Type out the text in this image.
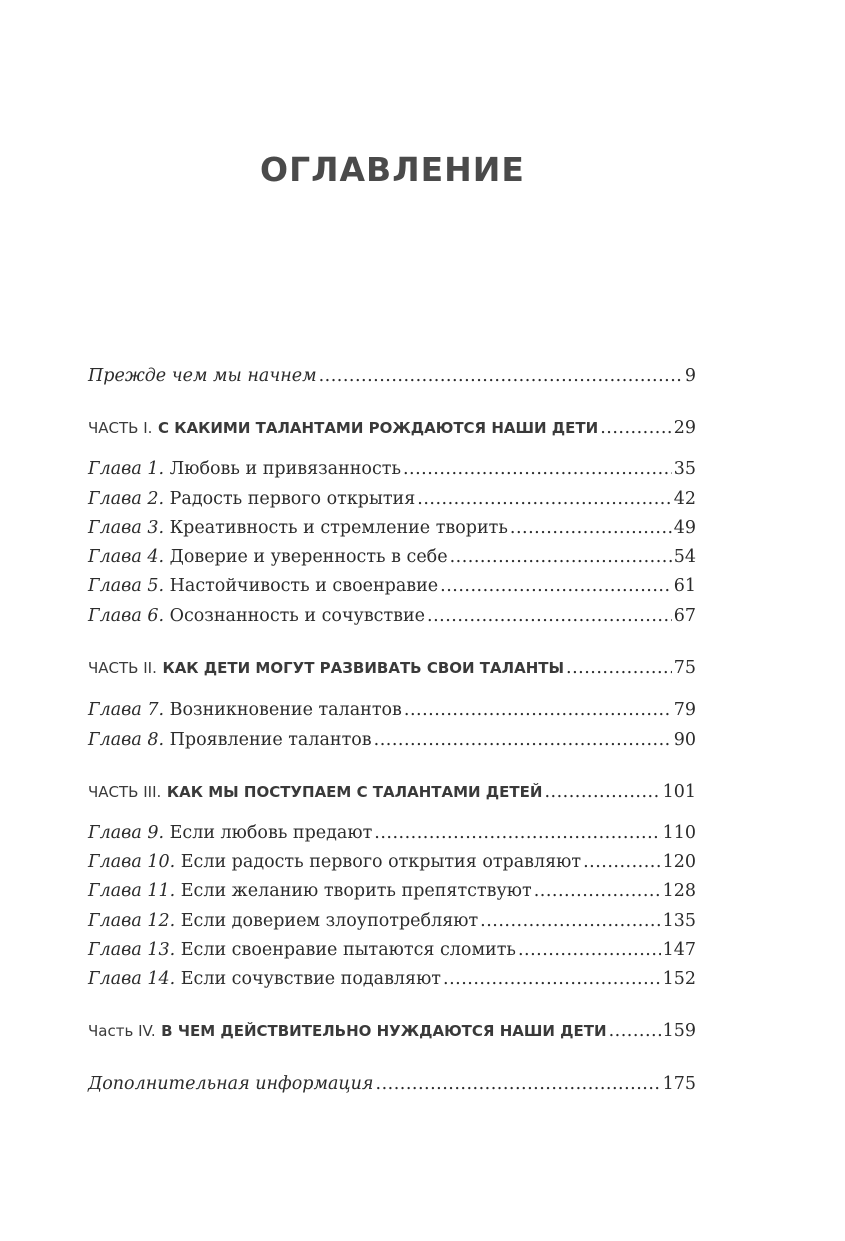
ОГЛАВЛЕНИЕ
Прежде чем мы начнем .....	9
ЧАСТЬ I. С КАКИМИ ТАЛАНТАМИ РОЖДАЮТСЯ НАШИ ДЕТИ .....	29
Глава 1. Любовь и привязанность .....	35
Глава 2. Радость первого открытия .....	42
Глава 3. Креативность и стремление творить .....	49
Глава 4. Доверие и уверенность в себе .....	54
Глава 5. Настойчивость и своенравие .....	61
Глава 6. Осознанность и сочувствие .....	67
ЧАСТЬ II. КАК ДЕТИ МОГУТ РАЗВИВАТЬ СВОИ ТАЛАНТЫ .....	75
Глава 7. Возникновение талантов .....	79
Глава 8. Проявление талантов .....	90
ЧАСТЬ III. КАК МЫ ПОСТУПАЕМ С ТАЛАНТАМИ ДЕТЕЙ .....	101
Глава 9. Если любовь предают .....	110
Глава 10. Если радость первого открытия отравляют .....	120
Глава 11. Если желанию творить препятствуют .....	128
Глава 12. Если доверием злоупотребляют .....	135
Глава 13. Если своенравие пытаются сломить .....	147
Глава 14. Если сочувствие подавляют .....	152
Часть IV. В ЧЕМ ДЕЙСТВИТЕЛЬНО НУЖДАЮТСЯ НАШИ ДЕТИ .....	159
Дополнительная информация .....	175
